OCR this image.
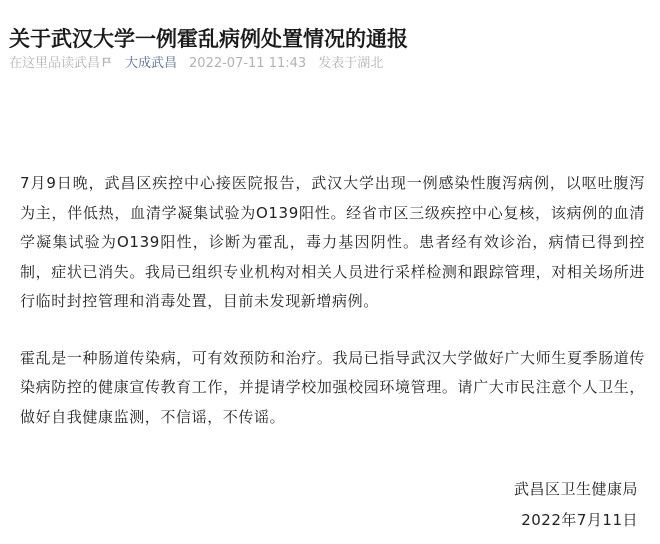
关于武汉大学一例霍乱病例处置情况的通报
在这里品读武昌 大成武昌 2022-07-11 11:43 发表于湖北

7月9日晚，武昌区疾控中心接医院报告，武汉大学出现一例感染性腹泻病例，以呕吐腹泻为主，伴低热，血清学凝集试验为O139阳性。经省市区三级疾控中心复核，该病例的血清学凝集试验为O139阳性，诊断为霍乱，毒力基因阴性。患者经有效诊治，病情已得到控制，症状已消失。我局已组织专业机构对相关人员进行采样检测和跟踪管理，对相关场所进行临时封控管理和消毒处置，目前未发现新增病例。

霍乱是一种肠道传染病，可有效预防和治疗。我局已指导武汉大学做好广大师生夏季肠道传染病防控的健康宣传教育工作，并提请学校加强校园环境管理。请广大市民注意个人卫生，做好自我健康监测，不信谣，不传谣。

武昌区卫生健康局
2022年7月11日
